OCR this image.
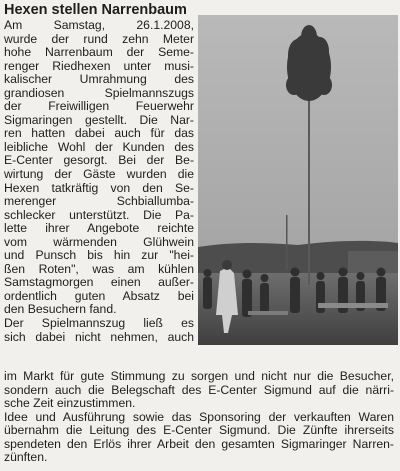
Hexen stellen Narrenbaum
Am Samstag, 26.1.2008,
wurde der rund zehn Meter
hohe Narrenbaum der Seme-
renger Riedhexen unter musi-
kalischer Umrahmung des
grandiosen Spielmannszugs
der Freiwilligen Feuerwehr
Sigmaringen gestellt. Die Nar-
ren hatten dabei auch für das
leibliche Wohl der Kunden des
E-Center gesorgt. Bei der Be-
wirtung der Gäste wurden die
Hexen tatkräftig von den Se-
merenger Schbiallumba-
schlecker unterstützt. Die Pa-
lette ihrer Angebote reichte
vom wärmenden Glühwein
und Punsch bis hin zur "hei-
ßen Roten", was am kühlen
Samstagmorgen einen außer-
ordentlich guten Absatz bei
den Besuchern fand.
Der Spielmannszug ließ es
sich dabei nicht nehmen, auch
im Markt für gute Stimmung zu sorgen und nicht nur die Besucher,
sondern auch die Belegschaft des E-Center Sigmund auf die närri-
sche Zeit einzustimmen.
Idee und Ausführung sowie das Sponsoring der verkauften Waren
übernahm die Leitung des E-Center Sigmund. Die Zünfte ihrerseits
spendeten den Erlös ihrer Arbeit den gesamten Sigmaringer Narren-
zünften.
